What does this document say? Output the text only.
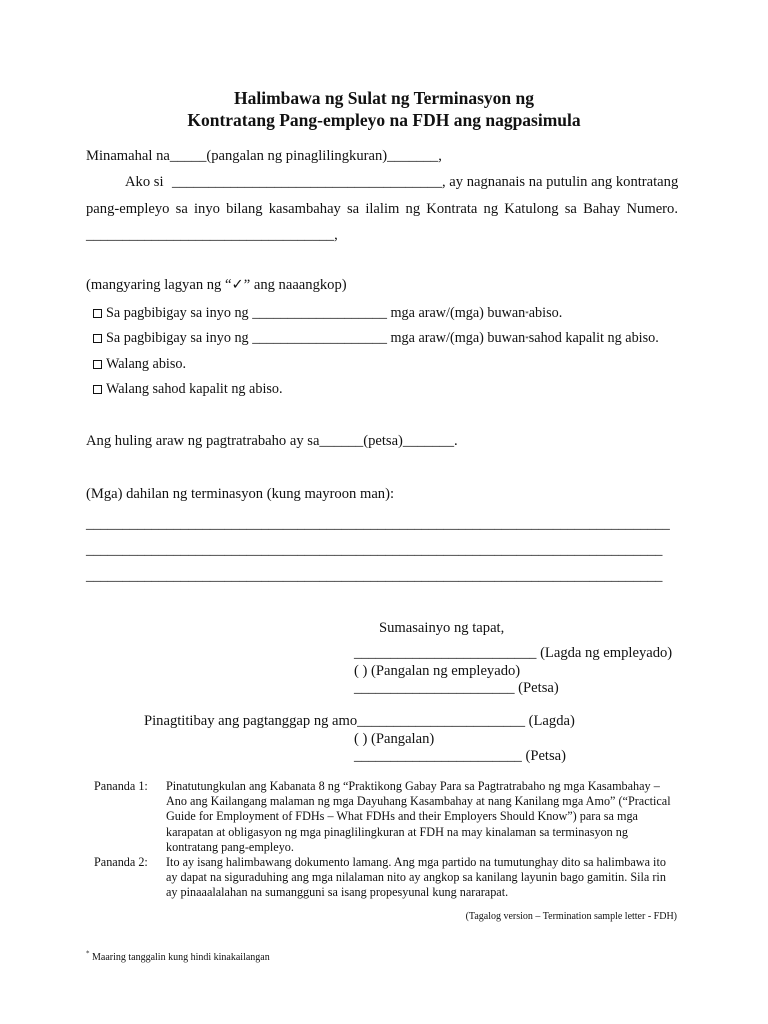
Halimbawa ng Sulat ng Terminasyon ng
Kontratang Pang-empleyo na FDH ang nagpasimula
Minamahal na_____(pangalan ng pinaglilingkuran)_______,
Ako si _____________________________________, ay nagnanais na putulin ang kontratang
pang-empleyo sa inyo bilang kasambahay sa ilalim ng Kontrata ng Katulong sa Bahay Numero.
__________________________________,
(mangyaring lagyan ng “✓” ang naaangkop)
Sa pagbibigay sa inyo ng ___________________ mga araw/(mga) buwan * abiso.
Sa pagbibigay sa inyo ng ___________________ mga araw/(mga) buwan * sahod kapalit ng abiso.
Walang abiso.
Walang sahod kapalit ng abiso.
Ang huling araw ng pagtratrabaho ay sa______(petsa)_______.
(Mga) dahilan ng terminasyon (kung mayroon man):
________________________________________________________________________________
_______________________________________________________________________________
_______________________________________________________________________________
Sumasainyo ng tapat,
_________________________ (Lagda ng empleyado)
( ) (Pangalan ng empleyado)
______________________ (Petsa)
Pinagtitibay ang pagtanggap ng amo_______________________ (Lagda)
( ) (Pangalan)
_______________________ (Petsa)
Pananda 1: Pinatutungkulan ang Kabanata 8 ng “Praktikong Gabay Para sa Pagtratrabaho ng mga Kasambahay –
Ano ang Kailangang malaman ng mga Dayuhang Kasambahay at nang Kanilang mga Amo” (“Practical
Guide for Employment of FDHs – What FDHs and their Employers Should Know”) para sa mga
karapatan at obligasyon ng mga pinaglilingkuran at FDH na may kinalaman sa terminasyon ng
kontratang pang-empleyo.
Pananda 2: Ito ay isang halimbawang dokumento lamang. Ang mga partido na tumutunghay dito sa halimbawa ito
ay dapat na siguraduhing ang mga nilalaman nito ay angkop sa kanilang layunin bago gamitin. Sila rin
ay pinaaalalahan na sumangguni sa isang propesyunal kung nararapat.
(Tagalog version – Termination sample letter - FDH)
* Maaring tanggalin kung hindi kinakailangan
